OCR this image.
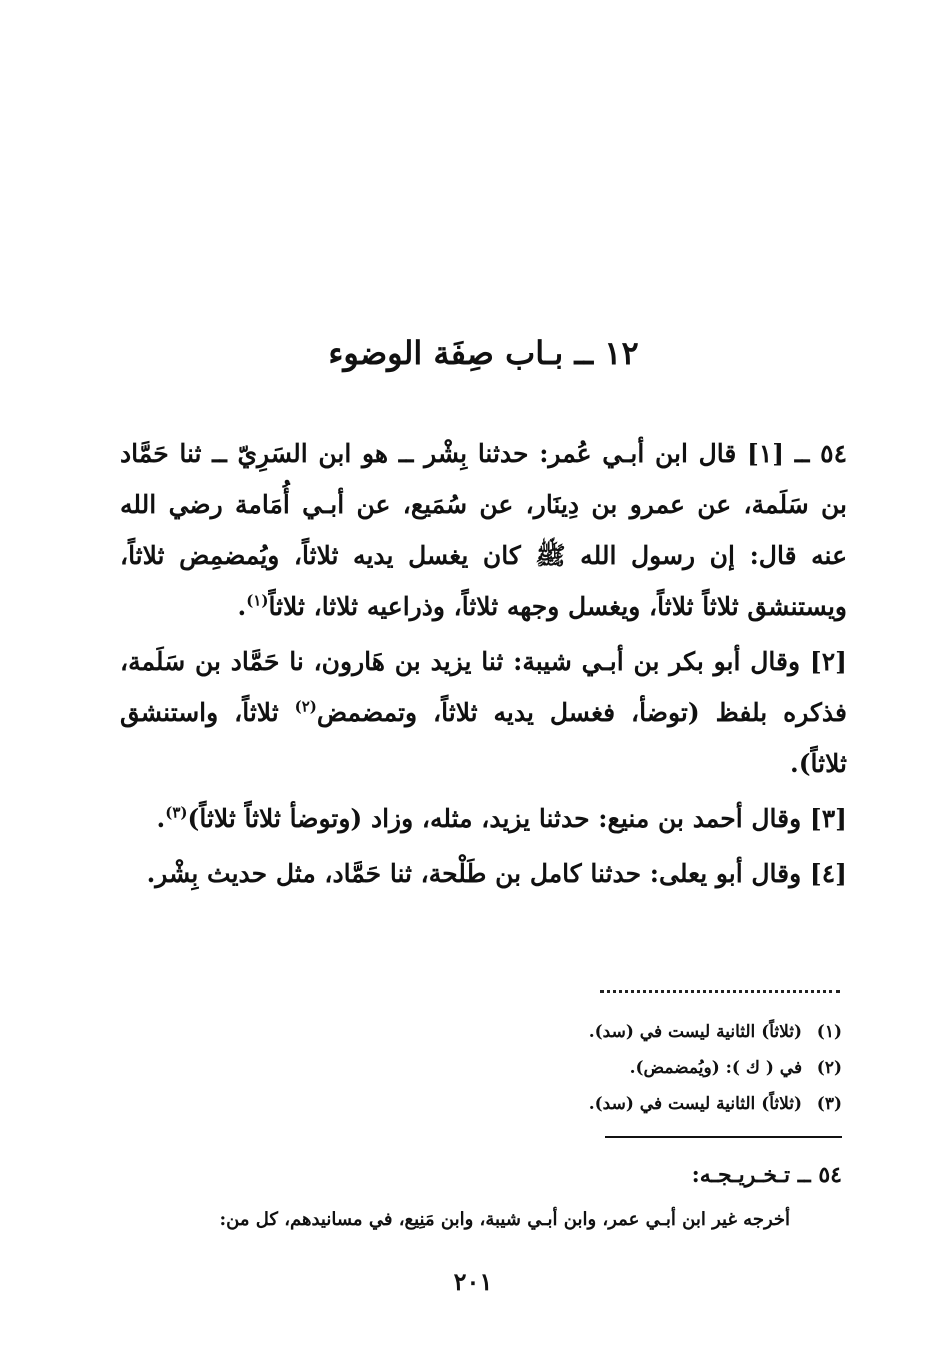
١٢ ــ بـاب صِفَة الوضوء

٥٤ ــ [١] قال ابن أبـي عُمر: حدثنا بِشْر ــ هو ابن السَرِيّ ــ ثنا حَمَّاد بن سَلَمة، عن عمرو بن دِينَار، عن سُمَيع، عن أبـي أُمَامة رضي الله عنه قال: إن رسول الله ﷺ كان يغسل يديه ثلاثاً، ويُمضمِض ثلاثاً، ويستنشق ثلاثاً ثلاثاً، ويغسل وجهه ثلاثاً، وذراعيه ثلاثا، ثلاثاً$^{(١)}$.

[٢] وقال أبو بكر بن أبـي شيبة: ثنا يزيد بن هَارون، نا حَمَّاد بن سَلَمة، فذكره بلفظ (توضأ، فغسل يديه ثلاثاً، وتمضمض$^{(٢)}$ ثلاثاً، واستنشق ثلاثاً).

[٣] وقال أحمد بن منيع: حدثنا يزيد، مثله، وزاد (وتوضأ ثلاثاً ثلاثاً)$^{(٣)}$.

[٤] وقال أبو يعلى: حدثنا كامل بن طَلْحة، ثنا حَمَّاد، مثل حديث بِشْر.

(١) (ثلاثاً) الثانية ليست في (سد).
(٢) في ( ك ): (ويُمضمض).
(٣) (ثلاثاً) الثانية ليست في (سد).
٥٤ ــ تـخـريـجـه:
أخرجه غير ابن أبـي عمر، وابن أبـي شيبة، وابن مَنِيع، في مسانيدهم، كل من:
٢٠١
